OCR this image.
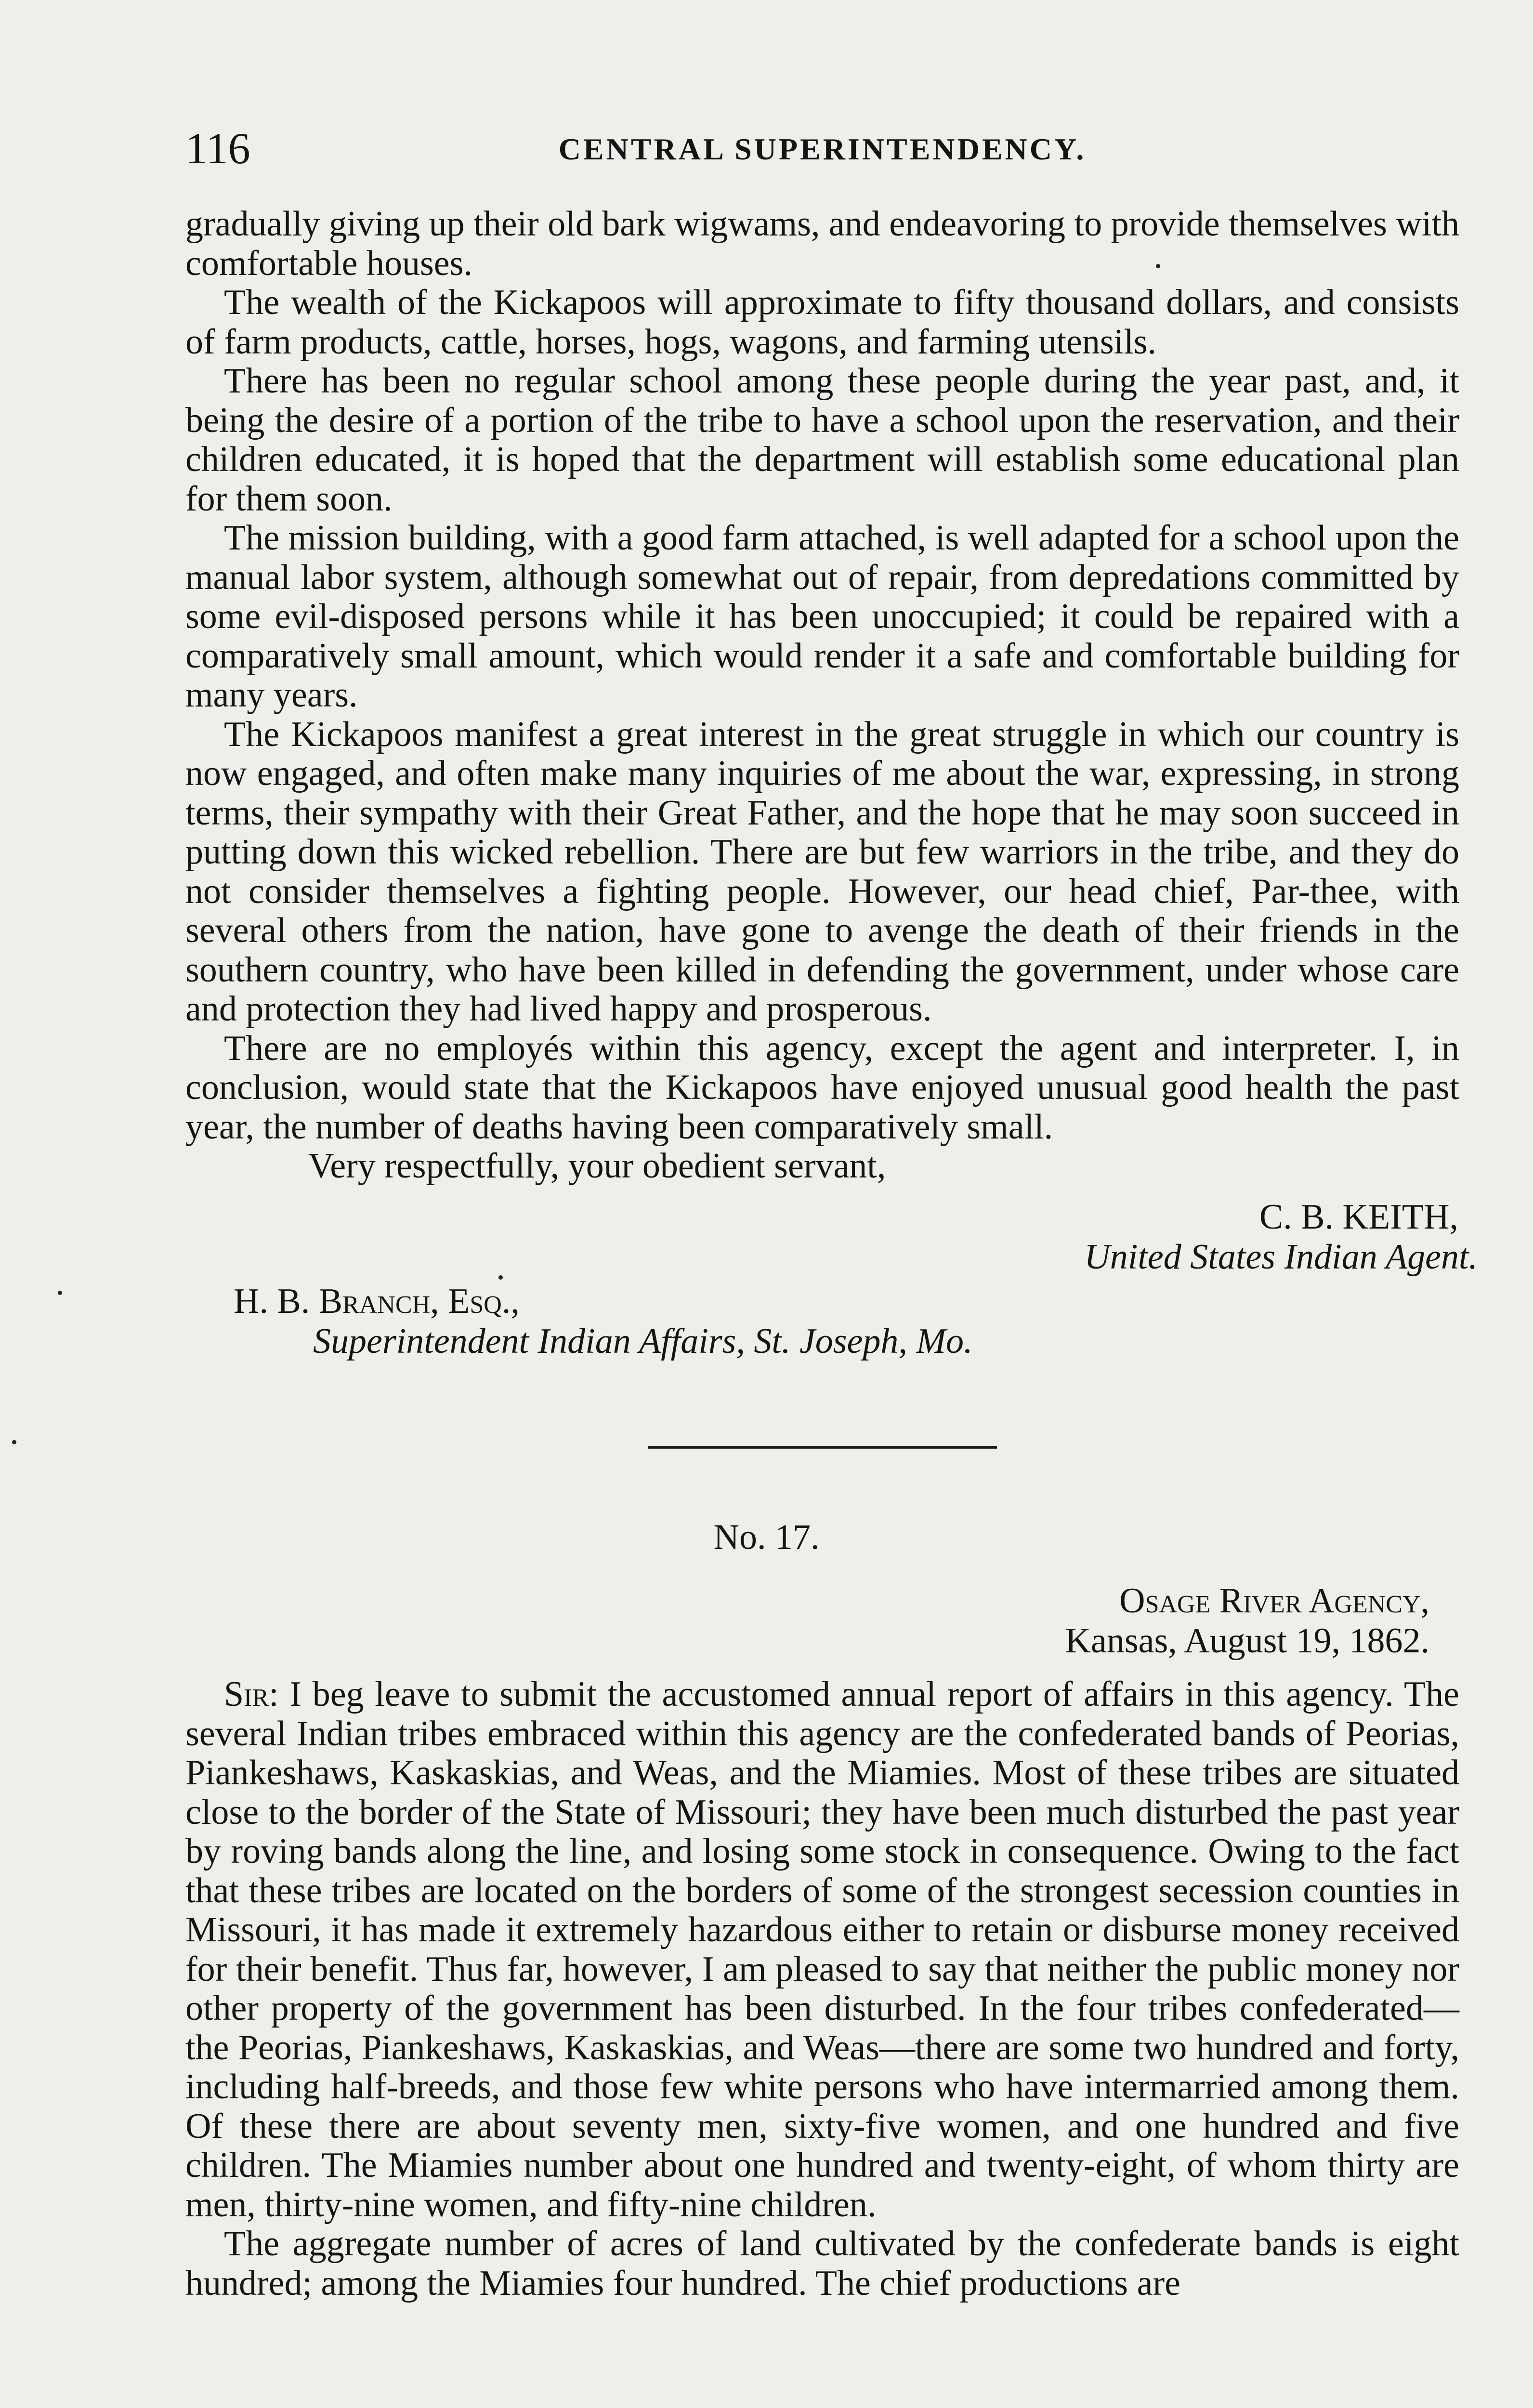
116	CENTRAL SUPERINTENDENCY.

gradually giving up their old bark wigwams, and endeavoring to provide themselves with comfortable houses.

The wealth of the Kickapoos will approximate to fifty thousand dollars, and consists of farm products, cattle, horses, hogs, wagons, and farming utensils.

There has been no regular school among these people during the year past, and, it being the desire of a portion of the tribe to have a school upon the reservation, and their children educated, it is hoped that the department will establish some educational plan for them soon.

The mission building, with a good farm attached, is well adapted for a school upon the manual labor system, although somewhat out of repair, from depredations committed by some evil-disposed persons while it has been unoccupied; it could be repaired with a comparatively small amount, which would render it a safe and comfortable building for many years.

The Kickapoos manifest a great interest in the great struggle in which our country is now engaged, and often make many inquiries of me about the war, expressing, in strong terms, their sympathy with their Great Father, and the hope that he may soon succeed in putting down this wicked rebellion. There are but few warriors in the tribe, and they do not consider themselves a fighting people. However, our head chief, Par-thee, with several others from the nation, have gone to avenge the death of their friends in the southern country, who have been killed in defending the government, under whose care and protection they had lived happy and prosperous.

There are no employés within this agency, except the agent and interpreter. I, in conclusion, would state that the Kickapoos have enjoyed unusual good health the past year, the number of deaths having been comparatively small.

Very respectfully, your obedient servant,

C. B. KEITH,
United States Indian Agent.
H. B. Branch, Esq.,
Superintendent Indian Affairs, St. Joseph, Mo.
No. 17.
Osage River Agency,
Kansas, August 19, 1862.

Sir: I beg leave to submit the accustomed annual report of affairs in this agency. The several Indian tribes embraced within this agency are the confederated bands of Peorias, Piankeshaws, Kaskaskias, and Weas, and the Miamies. Most of these tribes are situated close to the border of the State of Missouri; they have been much disturbed the past year by roving bands along the line, and losing some stock in consequence. Owing to the fact that these tribes are located on the borders of some of the strongest secession counties in Missouri, it has made it extremely hazardous either to retain or disburse money received for their benefit. Thus far, however, I am pleased to say that neither the public money nor other property of the government has been disturbed. In the four tribes confederated—the Peorias, Piankeshaws, Kaskaskias, and Weas—there are some two hundred and forty, including half-breeds, and those few white persons who have intermarried among them. Of these there are about seventy men, sixty-five women, and one hundred and five children. The Miamies number about one hundred and twenty-eight, of whom thirty are men, thirty-nine women, and fifty-nine children.

The aggregate number of acres of land cultivated by the confederate bands is eight hundred; among the Miamies four hundred. The chief productions are
